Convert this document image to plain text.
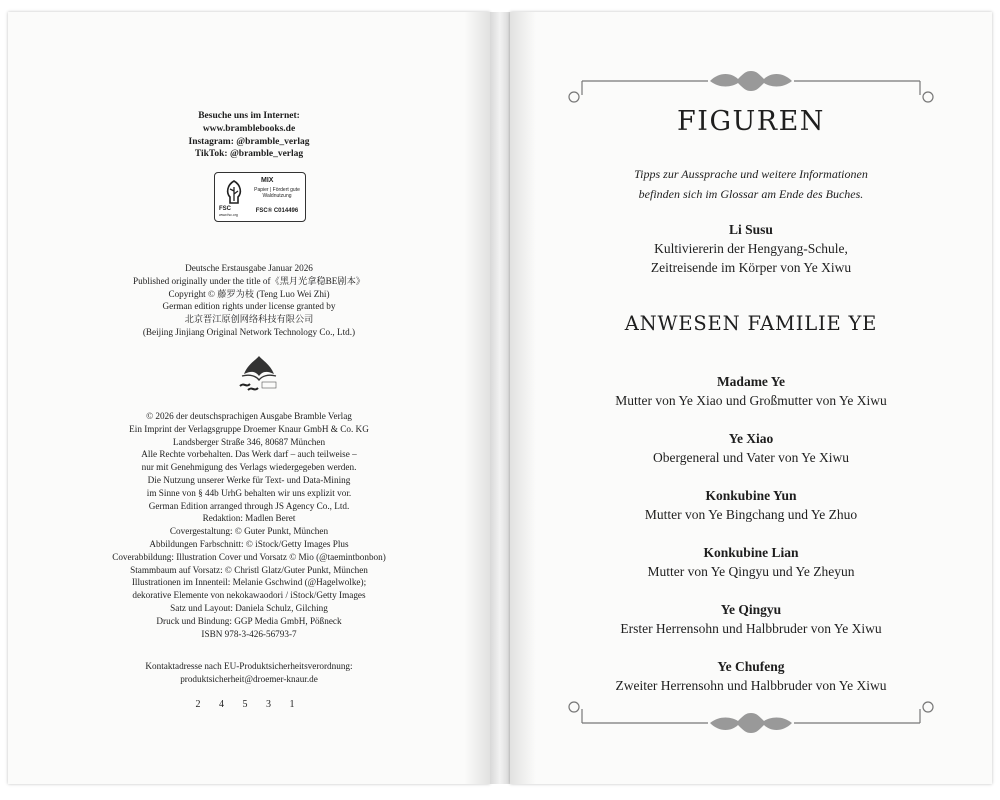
Besuche uns im Internet:
www.bramblebooks.de
Instagram: @bramble_verlag
TikTok: @bramble_verlag
FSC
www.fsc.org
MIX
Papier | Fördert gute Waldnutzung
FSC® C014496
Deutsche Erstausgabe Januar 2026
Published originally under the title of《黑月光拿稳BE剧本》
Copyright © 藤罗为枝 (Teng Luo Wei Zhi)
German edition rights under license granted by
北京晋江原创网络科技有限公司
(Beijing Jinjiang Original Network Technology Co., Ltd.)
© 2026 der deutschsprachigen Ausgabe Bramble Verlag
Ein Imprint der Verlagsgruppe Droemer Knaur GmbH & Co. KG
Landsberger Straße 346, 80687 München
Alle Rechte vorbehalten. Das Werk darf – auch teilweise –
nur mit Genehmigung des Verlags wiedergegeben werden.
Die Nutzung unserer Werke für Text- und Data-Mining
im Sinne von § 44b UrhG behalten wir uns explizit vor.
German Edition arranged through JS Agency Co., Ltd.
Redaktion: Madlen Beret
Covergestaltung: © Guter Punkt, München
Abbildungen Farbschnitt: © iStock/Getty Images Plus
Coverabbildung: Illustration Cover und Vorsatz © Mio (@taemintbonbon)
Stammbaum auf Vorsatz: © Christl Glatz/Guter Punkt, München
Illustrationen im Innenteil: Melanie Gschwind (@Hagelwolke);
dekorative Elemente von nekokawaodori / iStock/Getty Images
Satz und Layout: Daniela Schulz, Gilching
Druck und Bindung: GGP Media GmbH, Pößneck
ISBN 978-3-426-56793-7
Kontaktadresse nach EU-Produktsicherheitsverordnung:
produktsicherheit@droemer-knaur.de
2 4 5 3 1
FIGUREN
Tipps zur Aussprache und weitere Informationen
befinden sich im Glossar am Ende des Buches.
Li Susu
Kultiviererin der Hengyang-Schule,
Zeitreisende im Körper von Ye Xiwu
ANWESEN FAMILIE YE
Madame Ye
Mutter von Ye Xiao und Großmutter von Ye Xiwu
Ye Xiao
Obergeneral und Vater von Ye Xiwu
Konkubine Yun
Mutter von Ye Bingchang und Ye Zhuo
Konkubine Lian
Mutter von Ye Qingyu und Ye Zheyun
Ye Qingyu
Erster Herrensohn und Halbbruder von Ye Xiwu
Ye Chufeng
Zweiter Herrensohn und Halbbruder von Ye Xiwu
